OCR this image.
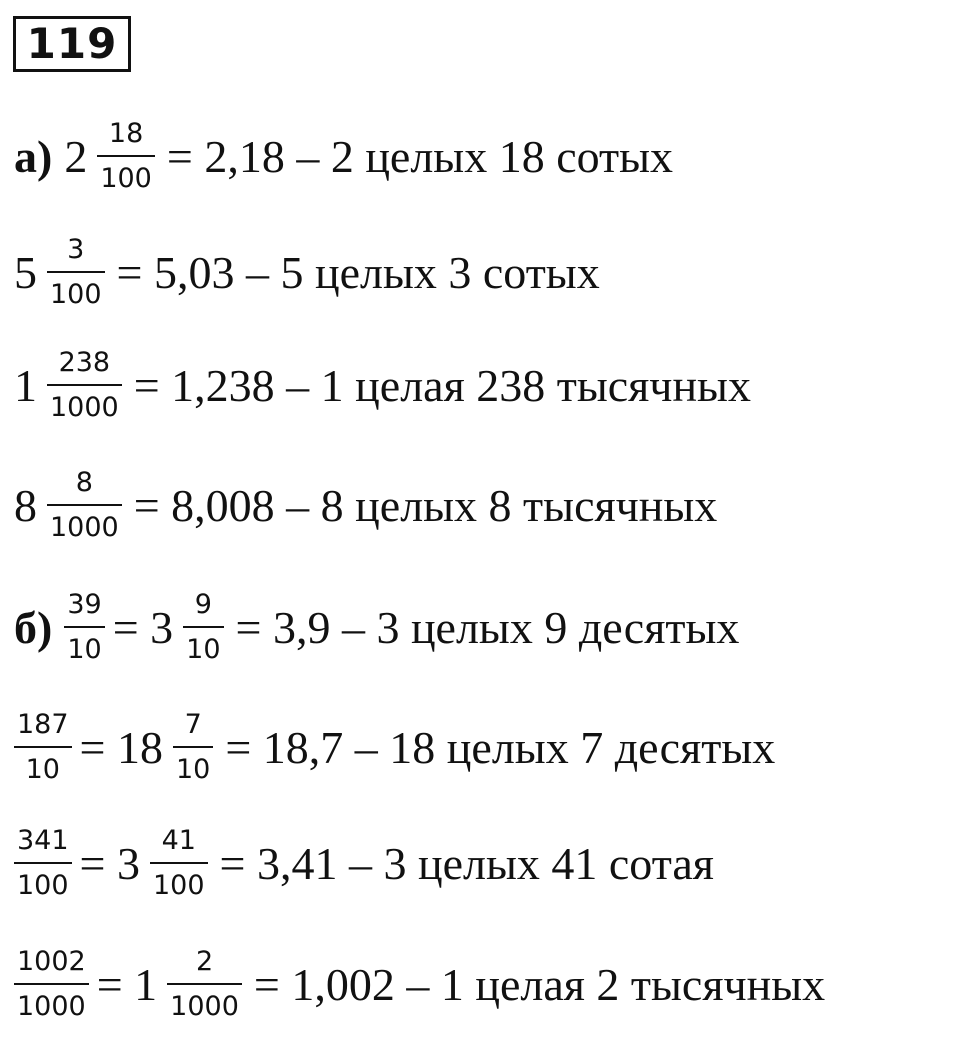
119
а) $2 \frac{18}{100} = 2,18 - 2$ целых 18 сотых
$5 \frac{3}{100} = 5,03 - 5$ целых 3 сотых
$1 \frac{238}{1000} = 1,238 - 1$ целая 238 тысячных
$8 \frac{8}{1000} = 8,008 - 8$ целых 8 тысячных
$б) \frac{39}{10} = 3 \frac{9}{10} = 3,9 - 3$ целых 9 десятых
$\frac{187}{10} = 18 \frac{7}{10} = 18,7 - 18$ целых 7 десятых
$\frac{341}{100} = 3 \frac{41}{100} = 3,41 - 3$ целых 41 сотая
$\frac{1002}{1000} = 1 \frac{2}{1000} = 1,002 - 1$ целая 2 тысячных
